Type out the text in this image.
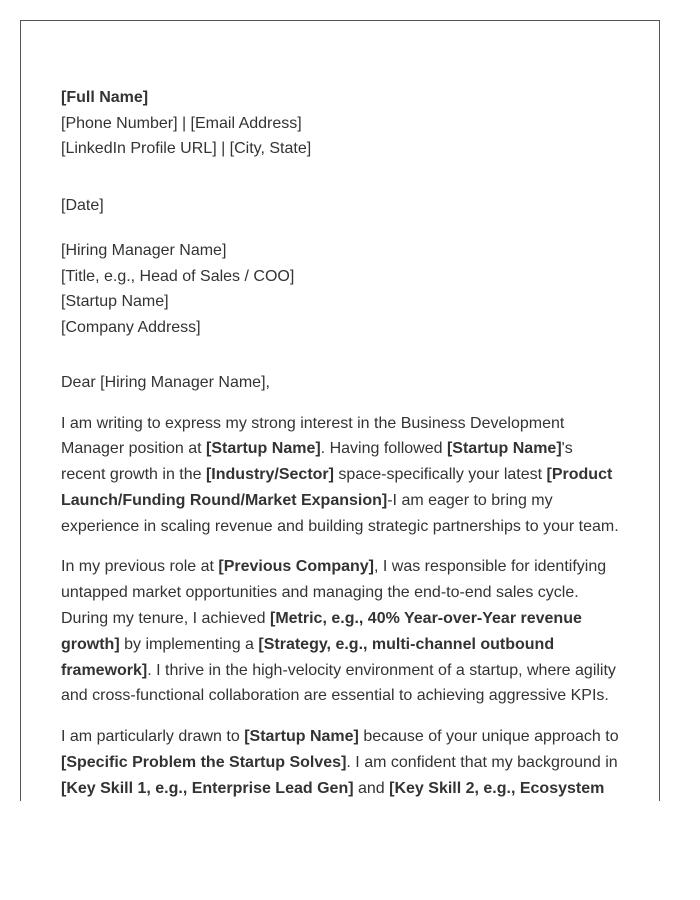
[Full Name]
[Phone Number] | [Email Address]
[LinkedIn Profile URL] | [City, State]
[Date]
[Hiring Manager Name]
[Title, e.g., Head of Sales / COO]
[Startup Name]
[Company Address]
Dear [Hiring Manager Name],

I am writing to express my strong interest in the Business Development Manager position at [Startup Name]. Having followed [Startup Name]'s recent growth in the [Industry/Sector] space-specifically your latest [Product Launch/Funding Round/Market Expansion]-I am eager to bring my experience in scaling revenue and building strategic partnerships to your team.

In my previous role at [Previous Company], I was responsible for identifying untapped market opportunities and managing the end-to-end sales cycle. During my tenure, I achieved [Metric, e.g., 40% Year-over-Year revenue growth] by implementing a [Strategy, e.g., multi-channel outbound framework]. I thrive in the high-velocity environment of a startup, where agility and cross-functional collaboration are essential to achieving aggressive KPIs.

I am particularly drawn to [Startup Name] because of your unique approach to [Specific Problem the Startup Solves]. I am confident that my background in [Key Skill 1, e.g., Enterprise Lead Gen] and [Key Skill 2, e.g., Ecosystem
